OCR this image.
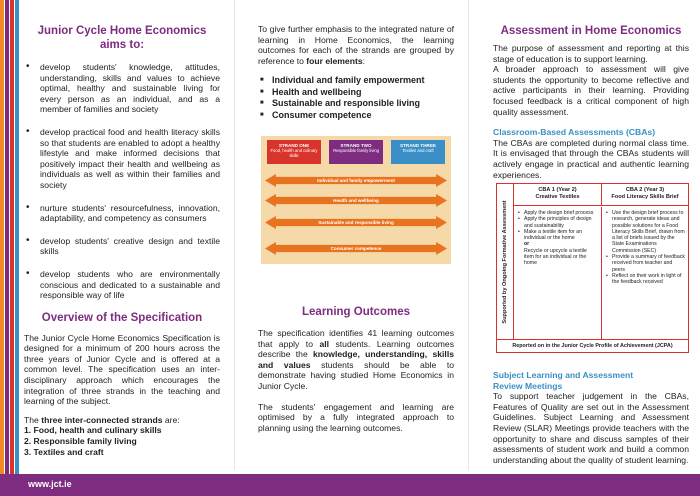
Junior Cycle Home Economics
aims to:
• develop students' knowledge, attitudes, understanding, skills and values to achieve optimal, healthy and sustainable living for every person as an individual, and as a member of families and society
• develop practical food and health literacy skills so that students are enabled to adopt a healthy lifestyle and make informed decisions that positively impact their health and wellbeing as individuals as well as within their families and society
• nurture students' resourcefulness, innovation, adaptability, and competency as consumers
• develop students' creative design and textile skills
• develop students who are environmentally conscious and dedicated to a sustainable and responsible way of life
Overview of the Specification

The Junior Cycle Home Economics Specification is designed for a minimum of 200 hours across the three years of Junior Cycle and is offered at a common level. The specification uses an inter-disciplinary approach which encourages the integration of three strands in the teaching and learning of the subject.

The three inter-connected strands are:

1. Food, health and culinary skills
2. Responsible family living
3. Textiles and craft

To give further emphasis to the integrated nature of learning in Home Economics, the learning outcomes for each of the strands are grouped by reference to four elements:

■ Individual and family empowerment
■ Health and wellbeing
■ Sustainable and responsible living
■ Consumer competence
STRAND ONE
Food, health and culinary skills
STRAND TWO
Responsible family living
STRAND THREE
Textiles and craft
Individual and family empowerment
Health and wellbeing
Sustainable and responsible living
Consumer competence
Learning Outcomes

The specification identifies 41 learning outcomes that apply to all students. Learning outcomes describe the knowledge, understanding, skills and values students should be able to demonstrate having studied Home Economics in Junior Cycle.

The students' engagement and learning are optimised by a fully integrated approach to planning using the learning outcomes.

Assessment in Home Economics

The purpose of assessment and reporting at this stage of education is to support learning.

A broader approach to assessment will give students the opportunity to become reflective and active participants in their learning. Providing focused feedback is a critical component of high quality assessment.

Classroom-Based Assessments (CBAs)

The CBAs are completed during normal class time. It is envisaged that through the CBAs students will actively engage in practical and authentic learning experiences.

Supported by Ongoing Formative Assessment
CBA 1 (Year 2)
Creative Textiles
CBA 2 (Year 3)
Food Literacy Skills Brief
• Apply the design brief process
• Apply the principles of design and sustainability
• Make a textile item for an individual or the home
or
Recycle or upcycle a textile item for an individual or the home
• Use the design brief process to research, generate ideas and possible solutions for a Food Literacy Skills Brief, drawn from a list of briefs issued by the State Examinations Commission (SEC)
• Provide a summary of feedback received from teacher and peers
• Reflect on their work in light of the feedback received
Reported on in the Junior Cycle Profile of Achievement (JCPA)
Subject Learning and Assessment
Review Meetings

To support teacher judgement in the CBAs, Features of Quality are set out in the Assessment Guidelines. Subject Learning and Assessment Review (SLAR) Meetings provide teachers with the opportunity to share and discuss samples of their assessments of student work and build a common understanding about the quality of student learning.

www.jct.ie
